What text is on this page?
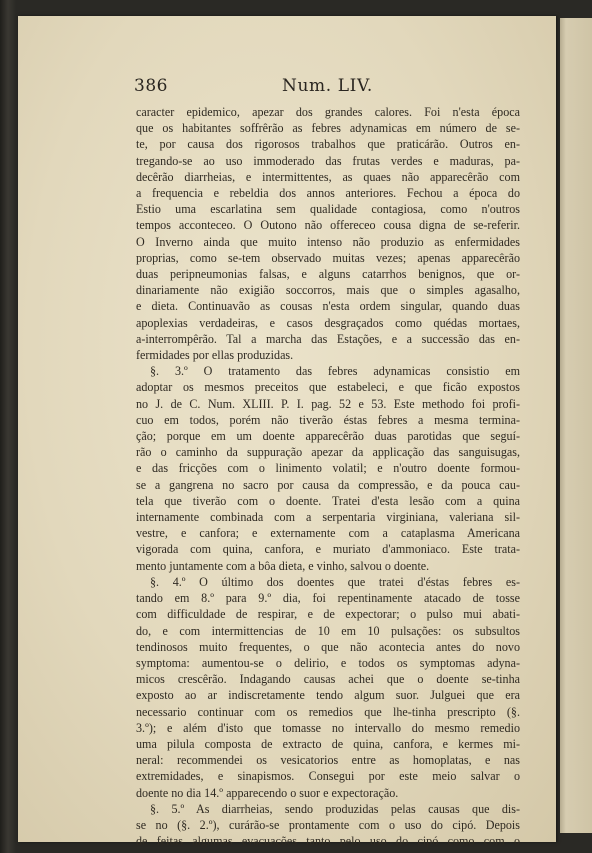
386	Num. LIV.
caracter epidemico, apezar dos grandes calores. Foi n'esta época
que os habitantes soffrêrão as febres adynamicas em número de se-
te, por causa dos rigorosos trabalhos que praticárão. Outros en-
tregando-se ao uso immoderado das frutas verdes e maduras, pa-
decêrão diarrheias, e intermittentes, as quaes não apparecêrão com
a frequencia e rebeldia dos annos anteriores. Fechou a época do
Estio uma escarlatina sem qualidade contagiosa, como n'outros
tempos acconteceo. O Outono não offereceo cousa digna de se-referir.
O Inverno ainda que muito intenso não produzio as enfermidades
proprias, como se-tem observado muitas vezes; apenas apparecêrão
duas peripneumonias falsas, e alguns catarrhos benignos, que or-
dinariamente não exigião soccorros, mais que o simples agasalho,
e dieta. Continuavão as cousas n'esta ordem singular, quando duas
apoplexias verdadeiras, e casos desgraçados como quédas mortaes,
a-interrompêrão. Tal a marcha das Estações, e a successão das en-
fermidades por ellas produzidas.
§. 3.º O tratamento das febres adynamicas consistio em
adoptar os mesmos preceitos que estabeleci, e que ficão expostos
no J. de C. Num. XLIII. P. I. pag. 52 e 53. Este methodo foi profi-
cuo em todos, porém não tiverão éstas febres a mesma termina-
ção; porque em um doente apparecêrão duas parotidas que seguí-
rão o caminho da suppuração apezar da applicação das sanguisugas,
e das fricções com o linimento volatil; e n'outro doente formou-
se a gangrena no sacro por causa da compressão, e da pouca cau-
tela que tiverão com o doente. Tratei d'esta lesão com a quina
internamente combinada com a serpentaria virginiana, valeriana sil-
vestre, e canfora; e externamente com a cataplasma Americana
vigorada com quina, canfora, e muriato d'ammoniaco. Este trata-
mento juntamente com a bôa dieta, e vinho, salvou o doente.
§. 4.º O último dos doentes que tratei d'éstas febres es-
tando em 8.º para 9.º dia, foi repentinamente atacado de tosse
com difficuldade de respirar, e de expectorar; o pulso mui abati-
do, e com intermittencias de 10 em 10 pulsações: os subsultos
tendinosos muito frequentes, o que não acontecia antes do novo
symptoma: aumentou-se o delirio, e todos os symptomas adyna-
micos crescêrão. Indagando causas achei que o doente se-tinha
exposto ao ar indiscretamente tendo algum suor. Julguei que era
necessario continuar com os remedios que lhe-tinha prescripto (§.
3.º); e além d'isto que tomasse no intervallo do mesmo remedio
uma pilula composta de extracto de quina, canfora, e kermes mi-
neral: recommendei os vesicatorios entre as homoplatas, e nas
extremidades, e sinapismos. Consegui por este meio salvar o
doente no dia 14.º apparecendo o suor e expectoração.
§. 5.º As diarrheias, sendo produzidas pelas causas que dis-
se no (§. 2.º), curárão-se prontamente com o uso do cipó. Depois
de feitas algumas evacuações tanto pelo uso do cipó como com o
